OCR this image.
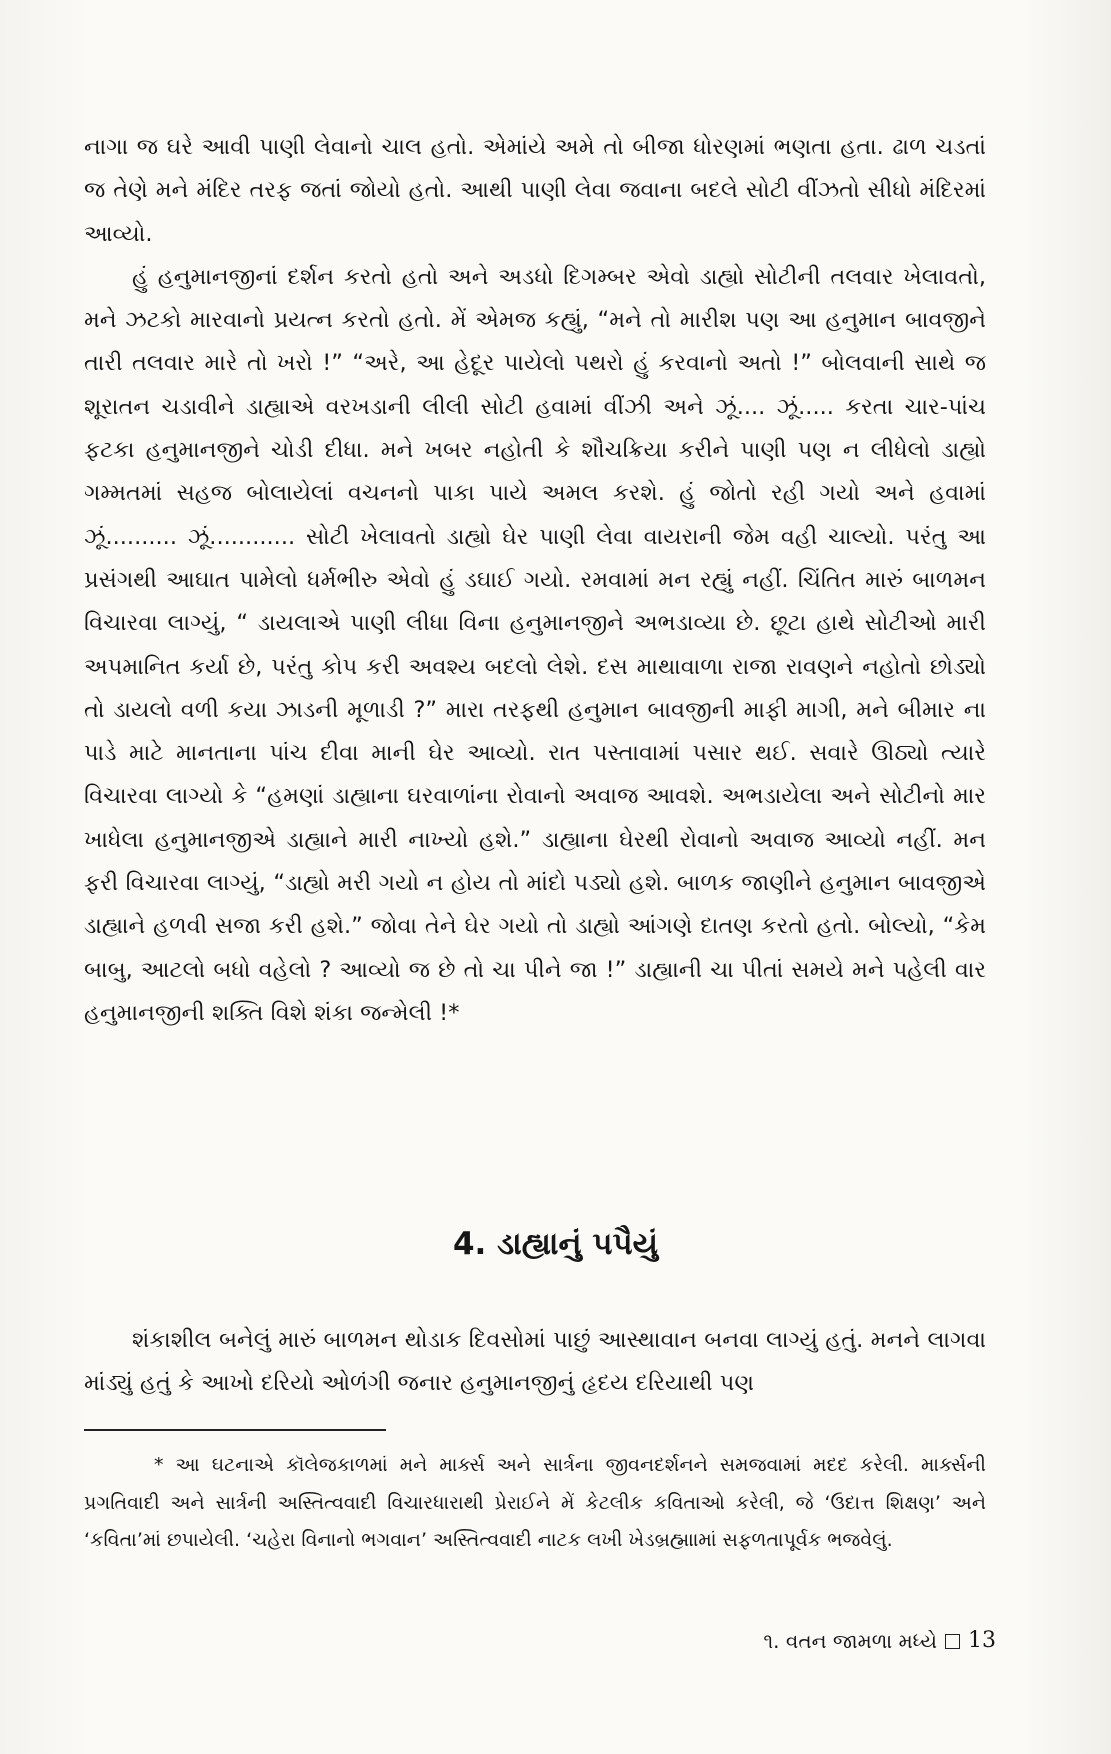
નાગા જ ઘરે આવી પાણી લેવાનો ચાલ હતો. એમાંયે અમે તો બીજા ધોરણમાં ભણતા હતા. ઢાળ ચડતાં જ તેણે મને મંદિર તરફ જતાં જોયો હતો. આથી પાણી લેવા જવાના બદલે સોટી વીંઝતો સીધો મંદિરમાં આવ્યો.

હું હનુમાનજીનાં દર્શન કરતો હતો અને અડધો દિગમ્બર એવો ડાહ્યો સોટીની તલવાર ખેલાવતો, મને ઝટકો મારવાનો પ્રયત્ન કરતો હતો. મેં એમજ કહ્યું, “મને તો મારીશ પણ આ હનુમાન બાવજીને તારી તલવાર મારે તો ખરો !” “અરે, આ હેદૂર પાયેલો પથરો હું કરવાનો અતો !” બોલવાની સાથે જ શૂરાતન ચડાવીને ડાહ્યાએ વરખડાની લીલી સોટી હવામાં વીંઝી અને ઝૂં.... ઝૂં..... કરતા ચાર-પાંચ ફટકા હનુમાનજીને ચોડી દીધા. મને ખબર નહોતી કે શૌચક્રિયા કરીને પાણી પણ ન લીધેલો ડાહ્યો ગમ્મતમાં સહજ બોલાયેલાં વચનનો પાકા પાયે અમલ કરશે. હું જોતો રહી ગયો અને હવામાં ઝૂં.......... ઝૂં............ સોટી ખેલાવતો ડાહ્યો ઘેર પાણી લેવા વાયરાની જેમ વહી ચાલ્યો. પરંતુ આ પ્રસંગથી આઘાત પામેલો ધર્મભીરુ એવો હું ડઘાઈ ગયો. રમવામાં મન રહ્યું નહીં. ચિંતિત મારું બાળમન વિચારવા લાગ્યું, “ ડાયલાએ પાણી લીધા વિના હનુમાનજીને અભડાવ્યા છે. છૂટા હાથે સોટીઓ મારી અપમાનિત કર્યા છે, પરંતુ કોપ કરી અવશ્ય બદલો લેશે. દસ માથાવાળા રાજા રાવણને નહોતો છોડ્યો તો ડાયલો વળી કયા ઝાડની મૂળાડી ?” મારા તરફથી હનુમાન બાવજીની માફી માગી, મને બીમાર ના પાડે માટે માનતાના પાંચ દીવા માની ઘેર આવ્યો. રાત પસ્તાવામાં પસાર થઈ. સવારે ઊઠ્યો ત્યારે વિચારવા લાગ્યો કે “હમણાં ડાહ્યાના ઘરવાળાંના રોવાનો અવાજ આવશે. અભડાયેલા અને સોટીનો માર ખાધેલા હનુમાનજીએ ડાહ્યાને મારી નાખ્યો હશે.” ડાહ્યાના ઘેરથી રોવાનો અવાજ આવ્યો નહીં. મન ફરી વિચારવા લાગ્યું, “ડાહ્યો મરી ગયો ન હોય તો માંદો પડ્યો હશે. બાળક જાણીને હનુમાન બાવજીએ ડાહ્યાને હળવી સજા કરી હશે.” જોવા તેને ઘેર ગયો તો ડાહ્યો આંગણે દાતણ કરતો હતો. બોલ્યો, “કેમ બાબુ, આટલો બધો વહેલો ? આવ્યો જ છે તો ચા પીને જા !” ડાહ્યાની ચા પીતાં સમયે મને પહેલી વાર હનુમાનજીની શક્તિ વિશે શંકા જન્મેલી !*

4. ડાહ્યાનું પપૈયું

શંકાશીલ બનેલું મારું બાળમન થોડાક દિવસોમાં પાછું આસ્થાવાન બનવા લાગ્યું હતું. મનને લાગવા માંડ્યું હતું કે આખો દરિયો ઓળંગી જનાર હનુમાનજીનું હૃદય દરિયાથી પણ

* આ ઘટનાએ કૉલેજકાળમાં મને માર્ક્સ અને સાર્ત્રના જીવનદર્શનને સમજવામાં મદદ કરેલી. માર્ક્સની પ્રગતિવાદી અને સાર્ત્રની અસ્તિત્વવાદી વિચારધારાથી પ્રેરાઈને મેં કેટલીક કવિતાઓ કરેલી, જે ‘ઉદાત્ત શિક્ષણ’ અને ‘કવિતા’માં છપાયેલી. ‘ચહેરા વિનાનો ભગવાન’ અસ્તિત્વવાદી નાટક લખી ખેડબ્રહ્માામાં સફળતાપૂર્વક ભજવેલું.

૧. વતન જામળા મધ્યે 13
